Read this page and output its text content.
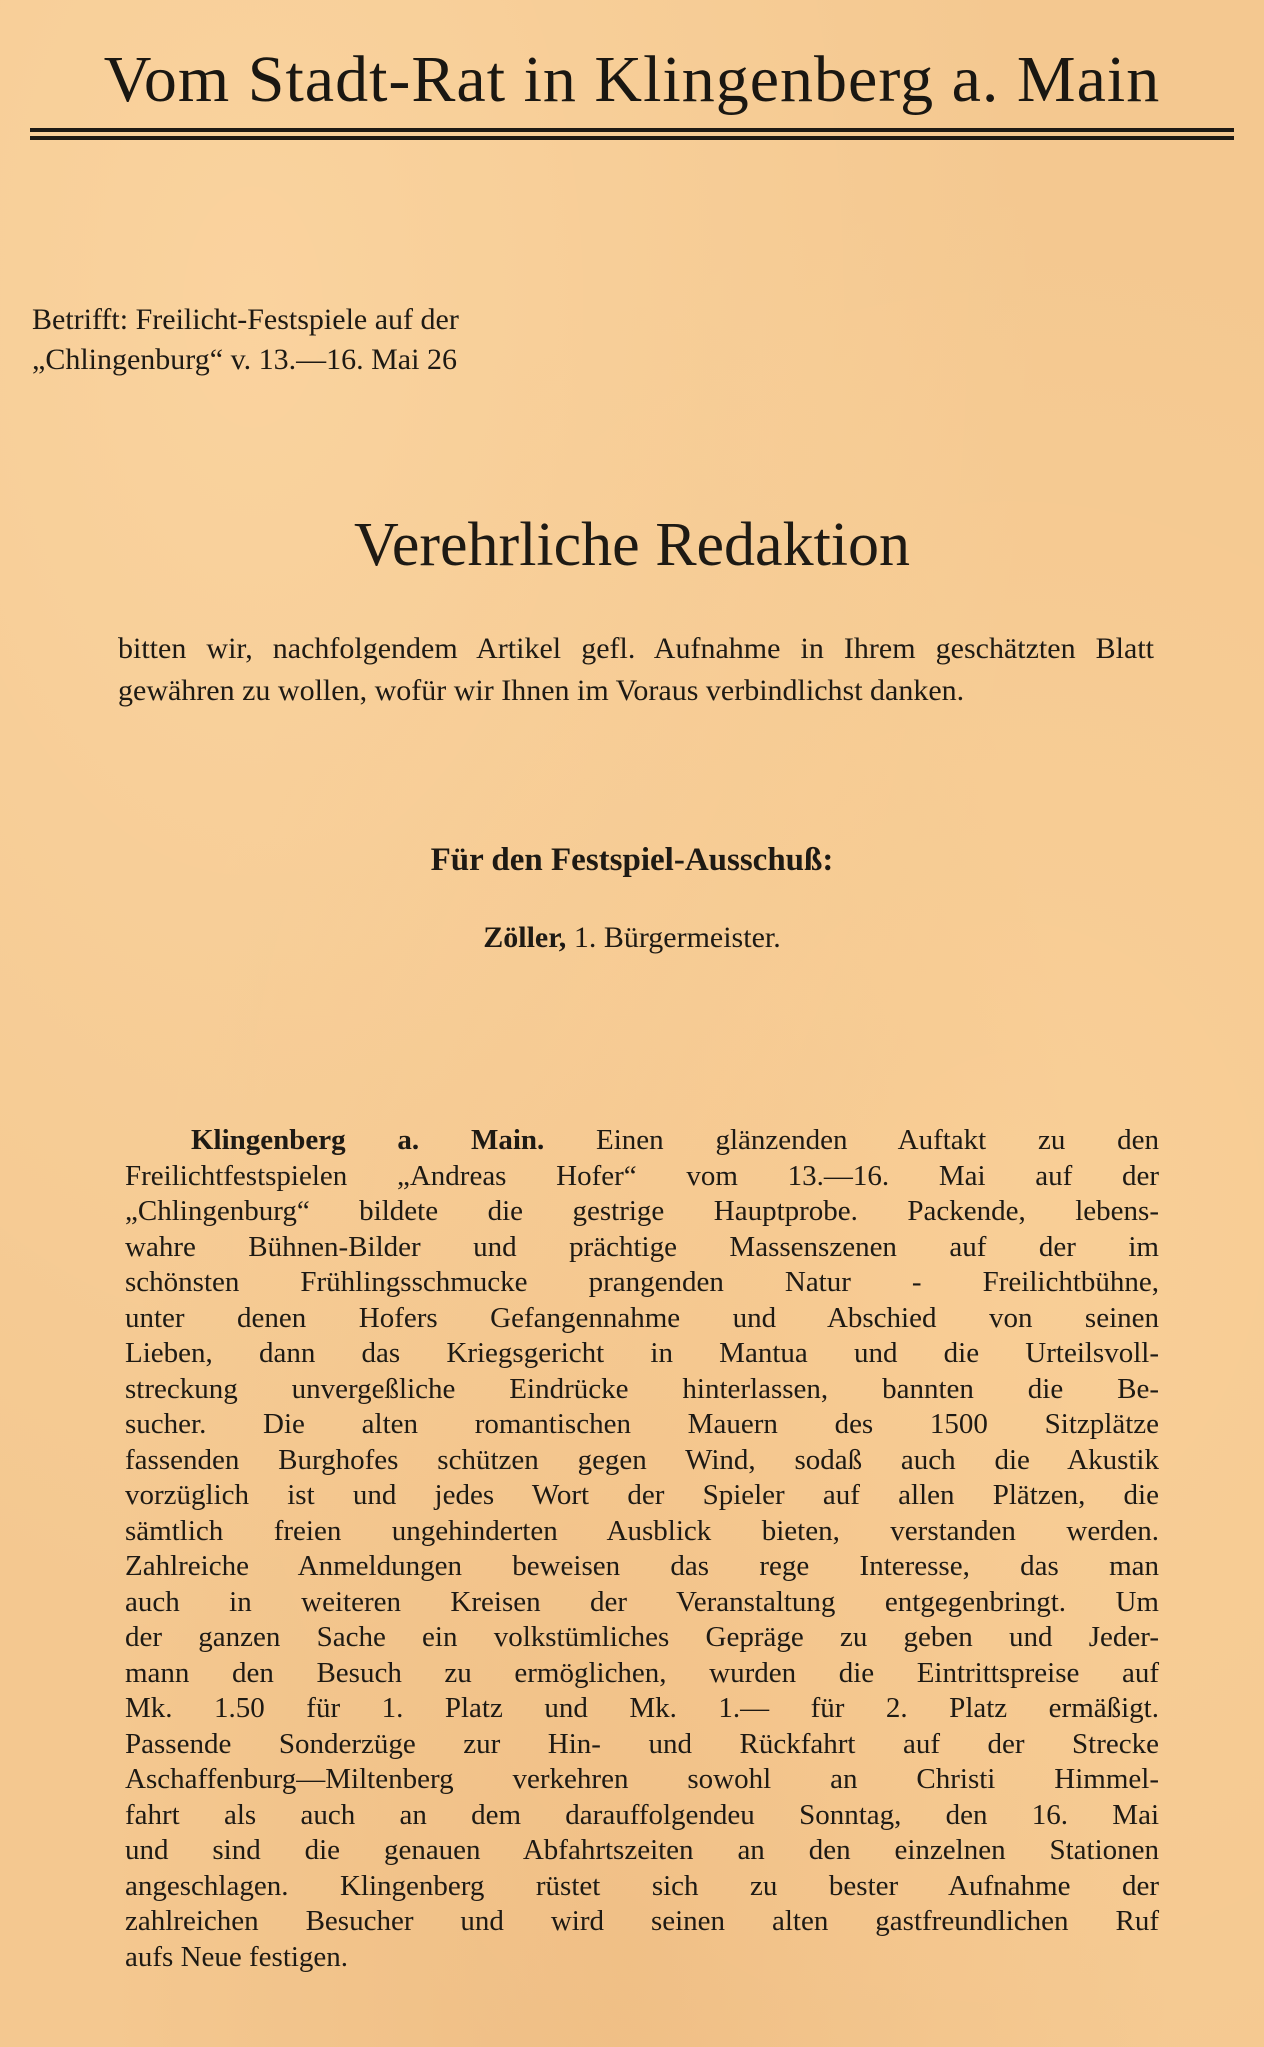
Vom Stadt-Rat in Klingenberg a. Main
Betrifft: Freilicht-Festspiele auf der
„Chlingenburg“ v. 13.—16. Mai 26
Verehrliche Redaktion
bitten wir, nachfolgendem Artikel gefl. Aufnahme in Ihrem geschätzten Blatt gewähren zu wollen, wofür wir Ihnen im Voraus verbindlichst danken.
Für den Festspiel-Ausschuß:
Zöller, 1. Bürgermeister.
Klingenberg a. Main. Einen glänzenden Auftakt zu den
Freilichtfestspielen „Andreas Hofer“ vom 13.—16. Mai auf der
„Chlingenburg“ bildete die gestrige Hauptprobe. Packende, lebens-
wahre Bühnen-Bilder und prächtige Massenszenen auf der im
schönsten Frühlingsschmucke prangenden Natur - Freilichtbühne,
unter denen Hofers Gefangennahme und Abschied von seinen
Lieben, dann das Kriegsgericht in Mantua und die Urteilsvoll-
streckung unvergeßliche Eindrücke hinterlassen, bannten die Be-
sucher. Die alten romantischen Mauern des 1500 Sitzplätze
fassenden Burghofes schützen gegen Wind, sodaß auch die Akustik
vorzüglich ist und jedes Wort der Spieler auf allen Plätzen, die
sämtlich freien ungehinderten Ausblick bieten, verstanden werden.
Zahlreiche Anmeldungen beweisen das rege Interesse, das man
auch in weiteren Kreisen der Veranstaltung entgegenbringt. Um
der ganzen Sache ein volkstümliches Gepräge zu geben und Jeder-
mann den Besuch zu ermöglichen, wurden die Eintrittspreise auf
Mk. 1.50 für 1. Platz und Mk. 1.— für 2. Platz ermäßigt.
Passende Sonderzüge zur Hin- und Rückfahrt auf der Strecke
Aschaffenburg—Miltenberg verkehren sowohl an Christi Himmel-
fahrt als auch an dem darauffolgendeu Sonntag, den 16. Mai
und sind die genauen Abfahrtszeiten an den einzelnen Stationen
angeschlagen. Klingenberg rüstet sich zu bester Aufnahme der
zahlreichen Besucher und wird seinen alten gastfreundlichen Ruf
aufs Neue festigen.
